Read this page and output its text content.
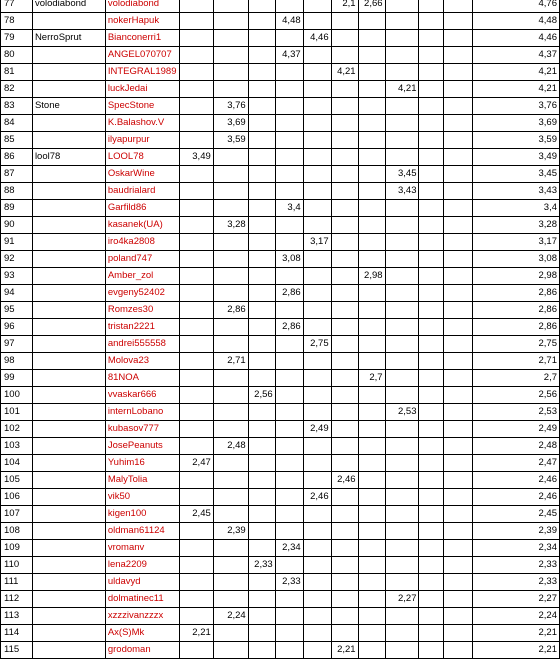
77	volodiabond	volodiabond						2,1	2,66				4,76
78		nokerHapuk				4,48							4,48
79	NerroSprut	Bianconerri1					4,46						4,46
80		ANGEL070707				4,37							4,37
81		INTEGRAL1989						4,21					4,21
82		luckJedai								4,21			4,21
83	Stone	SpecStone		3,76									3,76
84		K.Balashov.V		3,69									3,69
85		ilyapurpur		3,59									3,59
86	lool78	LOOL78	3,49										3,49
87		OskarWine								3,45			3,45
88		baudrialard								3,43			3,43
89		Garfild86				3,4							3,4
90		kasanek(UA)		3,28									3,28
91		iro4ka2808					3,17						3,17
92		poland747				3,08							3,08
93		Amber_zol							2,98				2,98
94		evgeny52402				2,86							2,86
95		Romzes30		2,86									2,86
96		tristan2221				2,86							2,86
97		andrei555558					2,75						2,75
98		Molova23		2,71									2,71
99		81NOA							2,7				2,7
100		vvaskar666			2,56								2,56
101		internLobano								2,53			2,53
102		kubasov777					2,49						2,49
103		JosePeanuts		2,48									2,48
104		Yuhim16	2,47										2,47
105		MalyTolia						2,46					2,46
106		vik50					2,46						2,46
107		kigen100	2,45										2,45
108		oldman61124		2,39									2,39
109		vromanv				2,34							2,34
110		lena2209			2,33								2,33
111		uldavyd				2,33							2,33
112		dolmatinec11								2,27			2,27
113		xzzzivanzzzx		2,24									2,24
114		Ax(S)Mk	2,21										2,21
115		grodoman						2,21					2,21
